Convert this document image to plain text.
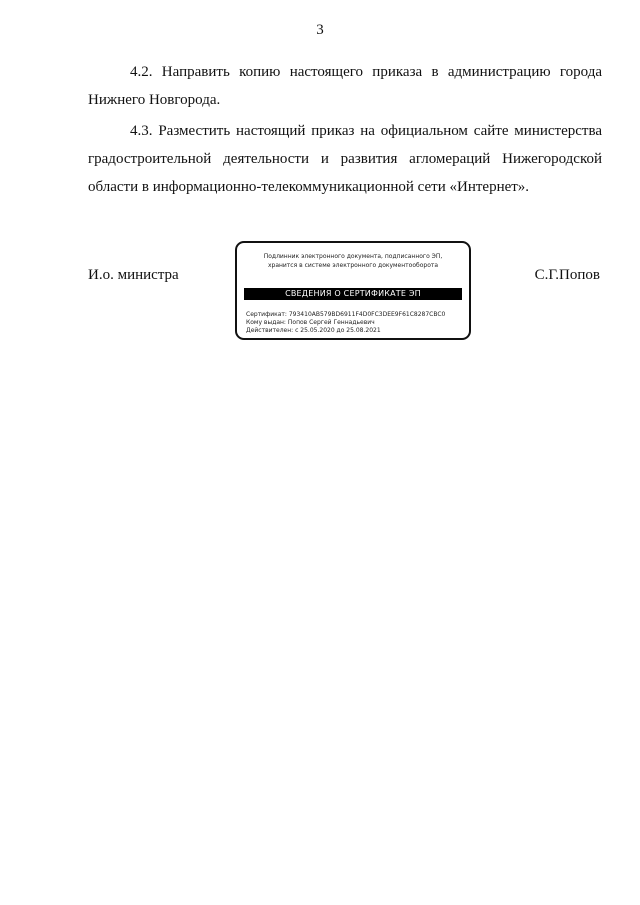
3
4.2. Направить копию настоящего приказа в администрацию города Нижнего Новгорода.
4.3. Разместить настоящий приказ на официальном сайте министерства градостроительной деятельности и развития агломераций Нижегородской области в информационно-телекоммуникационной сети «Интернет».
И.о. министра
Подлинник электронного документа, подписанного ЭП,
хранится в системе электронного документооборота
СВЕДЕНИЯ О СЕРТИФИКАТЕ ЭП
Сертификат: 793410AB579BD6911F4D0FC3DEE9F61C8287CBC0
Кому выдан: Попов Сергей Геннадьевич
Действителен: с 25.05.2020 до 25.08.2021
С.Г.Попов
